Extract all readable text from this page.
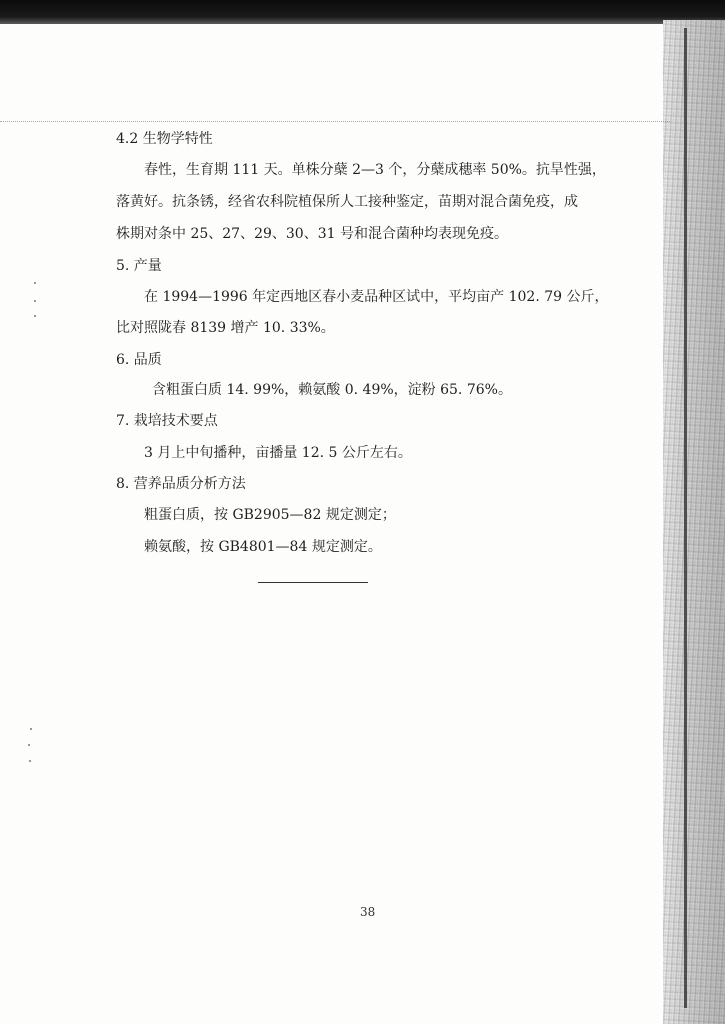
4.2 生物学特性
春性，生育期 111 天。单株分蘖 2—3 个，分蘖成穗率 50%。抗旱性强，
落黄好。抗条锈，经省农科院植保所人工接种鉴定，苗期对混合菌免疫，成
株期对条中 25、27、29、30、31 号和混合菌种均表现免疫。
5. 产量
在 1994—1996 年定西地区春小麦品种区试中，平均亩产 102. 79 公斤，
比对照陇春 8139 增产 10. 33%。
6. 品质
含粗蛋白质 14. 99%，赖氨酸 0. 49%，淀粉 65. 76%。
7. 栽培技术要点
3 月上中旬播种，亩播量 12. 5 公斤左右。
8. 营养品质分析方法
粗蛋白质，按 GB2905—82 规定测定；
赖氨酸，按 GB4801—84 规定测定。
38
